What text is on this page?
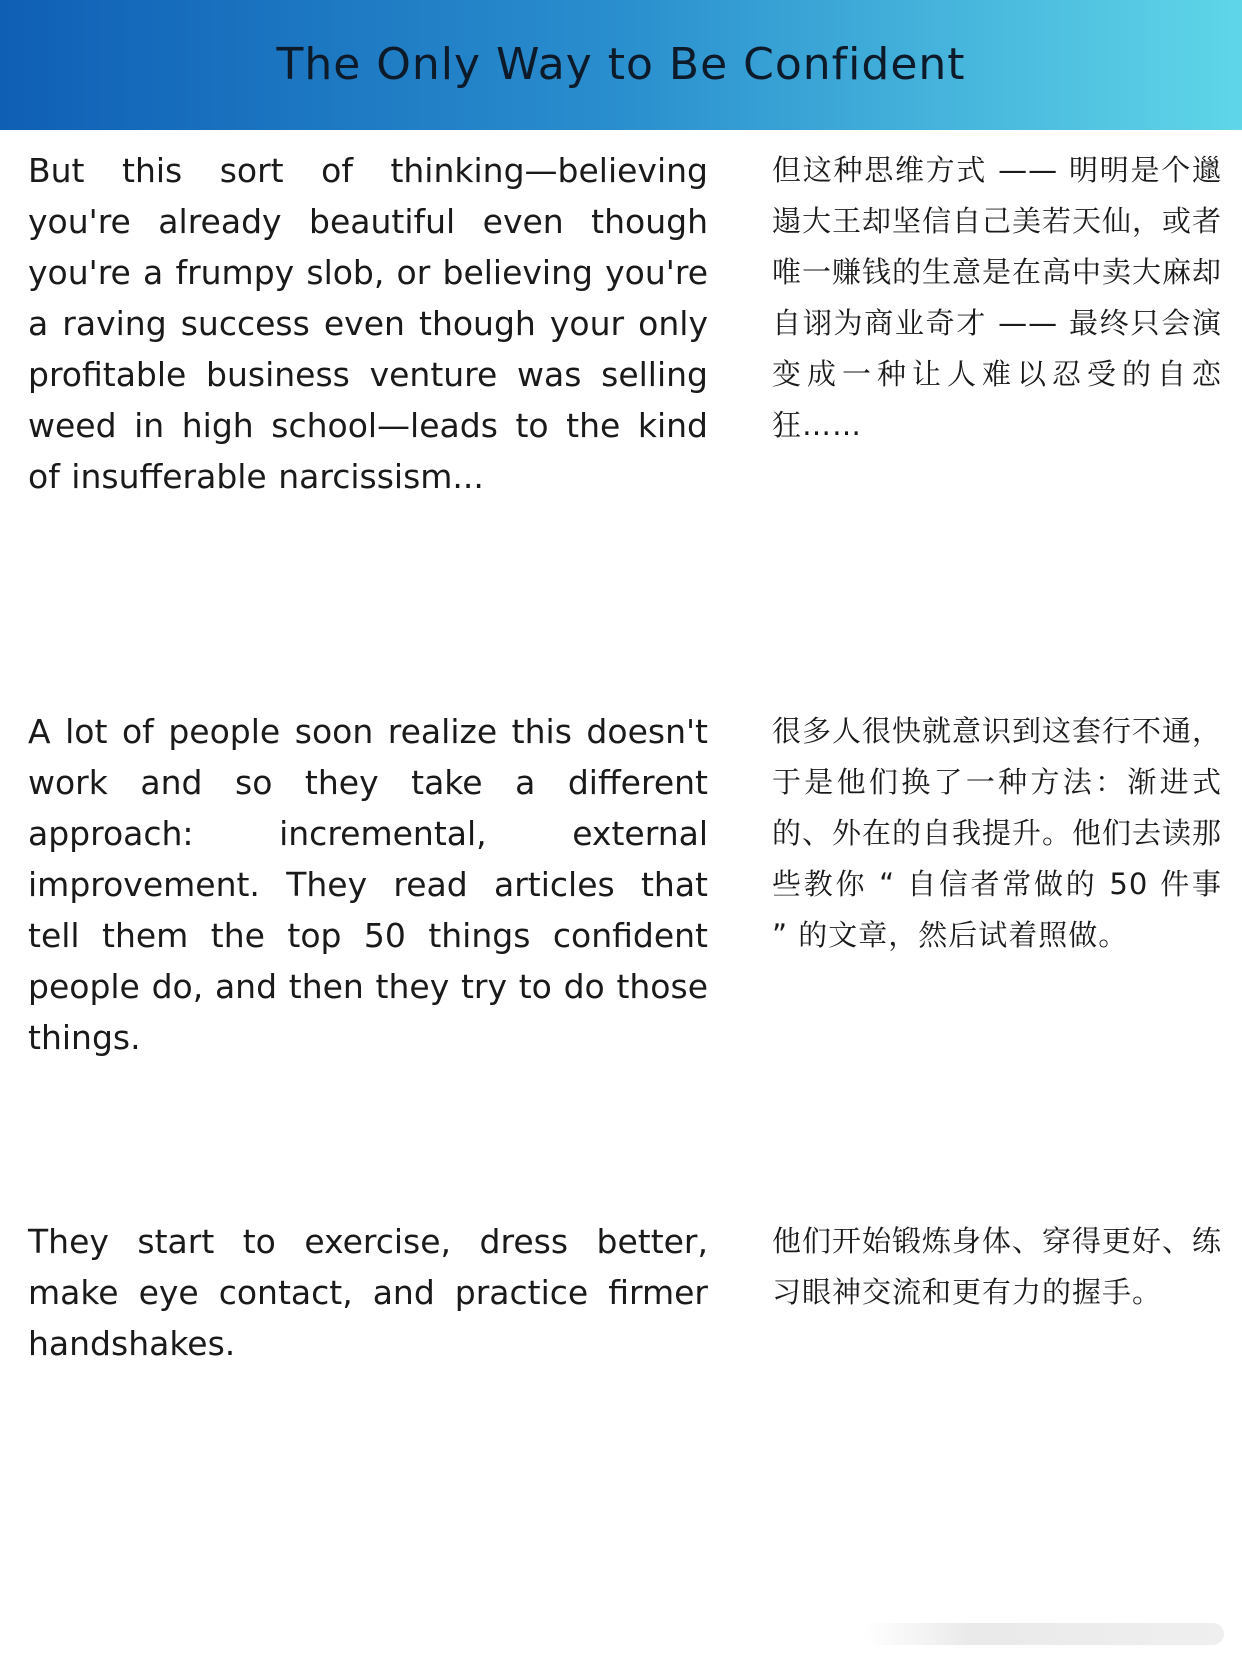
The Only Way to Be Confident
But this sort of thinking—believing you're already beautiful even though you're a frumpy slob, or believing you're a raving success even though your only profitable business venture was selling weed in high school—leads to the kind of insufferable narcissism...
但这种思维方式 —— 明明是个邋遢大王却坚信自己美若天仙，或者唯一赚钱的生意是在高中卖大麻却自诩为商业奇才 —— 最终只会演变成一种让人难以忍受的自恋狂……
A lot of people soon realize this doesn't work and so they take a different approach: incremental, external improvement. They read articles that tell them the top 50 things confident people do, and then they try to do those things.
很多人很快就意识到这套行不通，于是他们换了一种方法：渐进式的、外在的自我提升。他们去读那些教你 “ 自信者常做的 50 件事 ” 的文章，然后试着照做。
They start to exercise, dress better, make eye contact, and practice firmer handshakes.
他们开始锻炼身体、穿得更好、练习眼神交流和更有力的握手。
